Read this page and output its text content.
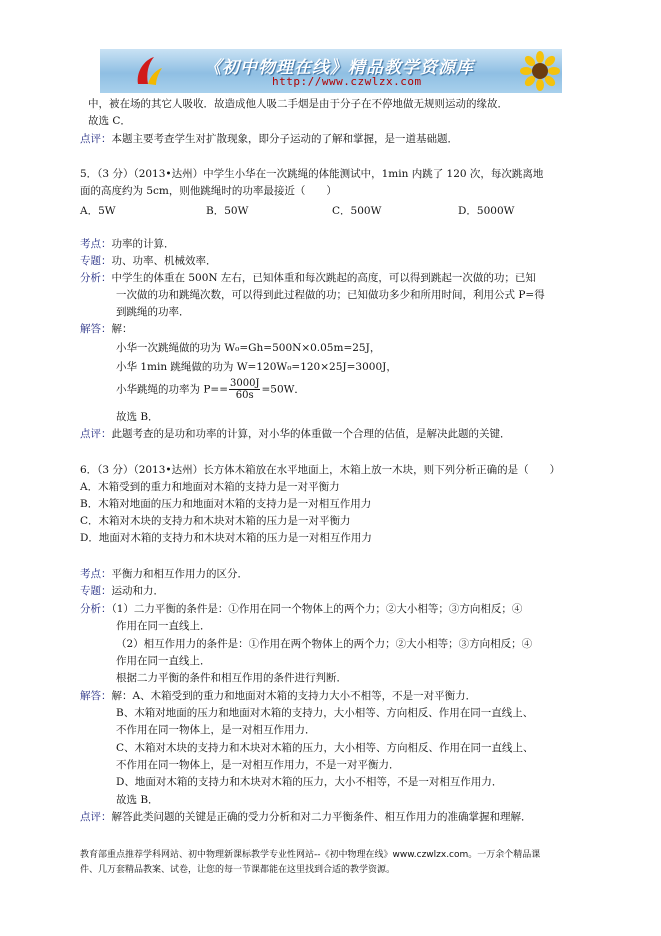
《初中物理在线》精品教学资源库
http://www.czwlzx.com
中，被在场的其它人吸收．故造成他人吸二手烟是由于分子在不停地做无规则运动的缘故．
故选 C．
点评：本题主要考查学生对扩散现象，即分子运动的了解和掌握，是一道基础题．
5．（3 分）（2013•达州）中学生小华在一次跳绳的体能测试中，1min 内跳了 120 次，每次跳离地
面的高度约为 5cm，则他跳绳时的功率最接近（　　）
A．5W	B．50W	C．500W	D．5000W
考点：功率的计算．
专题：功、功率、机械效率．
分析：中学生的体重在 500N 左右，已知体重和每次跳起的高度，可以得到跳起一次做的功；已知
一次做的功和跳绳次数，可以得到此过程做的功；已知做功多少和所用时间，利用公式 P=得
到跳绳的功率．
解答：解：
小华一次跳绳做的功为 W₀=Gh=500N×0.05m=25J，
小华 1min 跳绳做的功为 W=120W₀=120×25J=3000J，
小华跳绳的功率为 $P== \frac{3000J}{60s} =50W$．
故选 B．
点评：此题考查的是功和功率的计算，对小华的体重做一个合理的估值，是解决此题的关键．
6．（3 分）（2013•达州）长方体木箱放在水平地面上，木箱上放一木块，则下列分析正确的是（　　）
A．木箱受到的重力和地面对木箱的支持力是一对平衡力
B．木箱对地面的压力和地面对木箱的支持力是一对相互作用力
C．木箱对木块的支持力和木块对木箱的压力是一对平衡力
D．地面对木箱的支持力和木块对木箱的压力是一对相互作用力
考点：平衡力和相互作用力的区分．
专题：运动和力．
分析：（1）二力平衡的条件是：①作用在同一个物体上的两个力；②大小相等；③方向相反；④
作用在同一直线上．
（2）相互作用力的条件是：①作用在两个物体上的两个力；②大小相等；③方向相反；④
作用在同一直线上．
根据二力平衡的条件和相互作用的条件进行判断．
解答：解：A、木箱受到的重力和地面对木箱的支持力大小不相等，不是一对平衡力．
B、木箱对地面的压力和地面对木箱的支持力，大小相等、方向相反、作用在同一直线上、
不作用在同一物体上，是一对相互作用力．
C、木箱对木块的支持力和木块对木箱的压力，大小相等、方向相反、作用在同一直线上、
不作用在同一物体上，是一对相互作用力，不是一对平衡力．
D、地面对木箱的支持力和木块对木箱的压力，大小不相等，不是一对相互作用力．
故选 B．
点评：解答此类问题的关键是正确的受力分析和对二力平衡条件、相互作用力的准确掌握和理解．
教育部重点推荐学科网站、初中物理新课标教学专业性网站--《初中物理在线》www.czwlzx.com。一万余个精品课
件、几万套精品教案、试卷，让您的每一节课都能在这里找到合适的教学资源。
